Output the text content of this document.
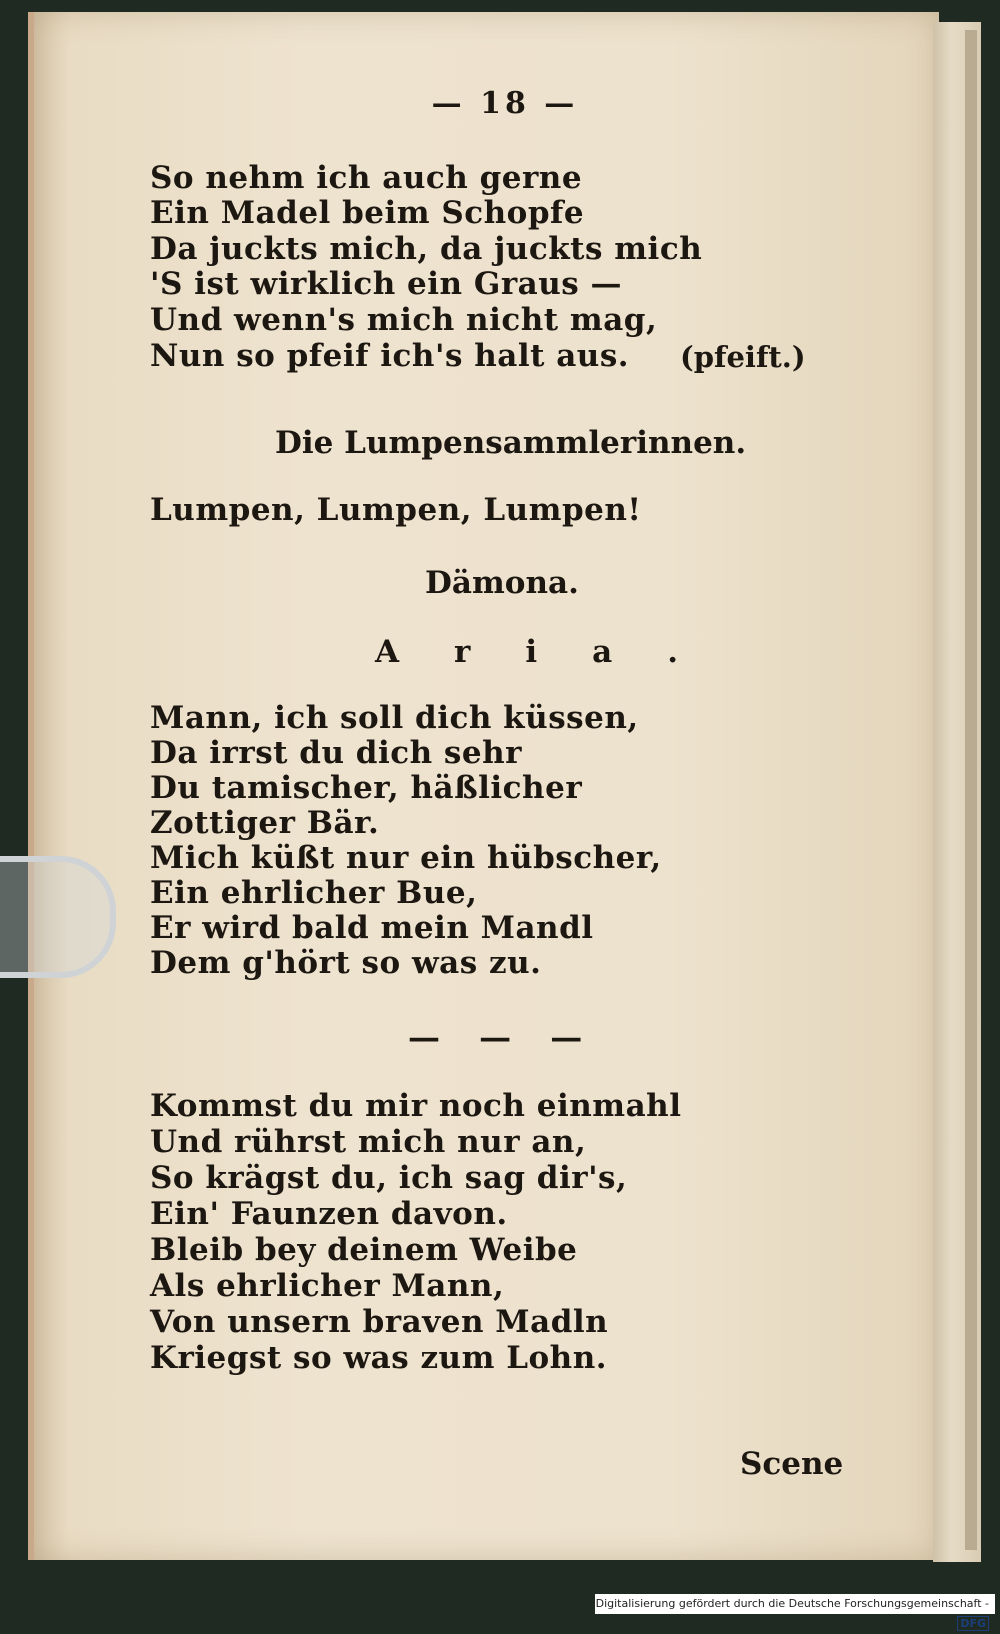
— 18 —
So nehm ich auch gerne
Ein Madel beim Schopfe
Da juckts mich, da juckts mich
'S ist wirklich ein Graus —
Und wenn's mich nicht mag,
Nun so pfeif ich's halt aus. (pfeift.)
Die Lumpensammlerinnen.
Lumpen, Lumpen, Lumpen!
Dämona.
Aria.
Mann, ich soll dich küssen,
Da irrst du dich sehr
Du tamischer, häßlicher
Zottiger Bär.
Mich küßt nur ein hübscher,
Ein ehrlicher Bue,
Er wird bald mein Mandl
Dem g'hört so was zu.
— — —
Kommst du mir noch einmahl
Und rührst mich nur an,
So krägst du, ich sag dir's,
Ein' Faunzen davon.
Bleib bey deinem Weibe
Als ehrlicher Mann,
Von unsern braven Madln
Kriegst so was zum Lohn.
Scene
Digitalisierung gefördert durch die Deutsche Forschungsgemeinschaft -DFG
